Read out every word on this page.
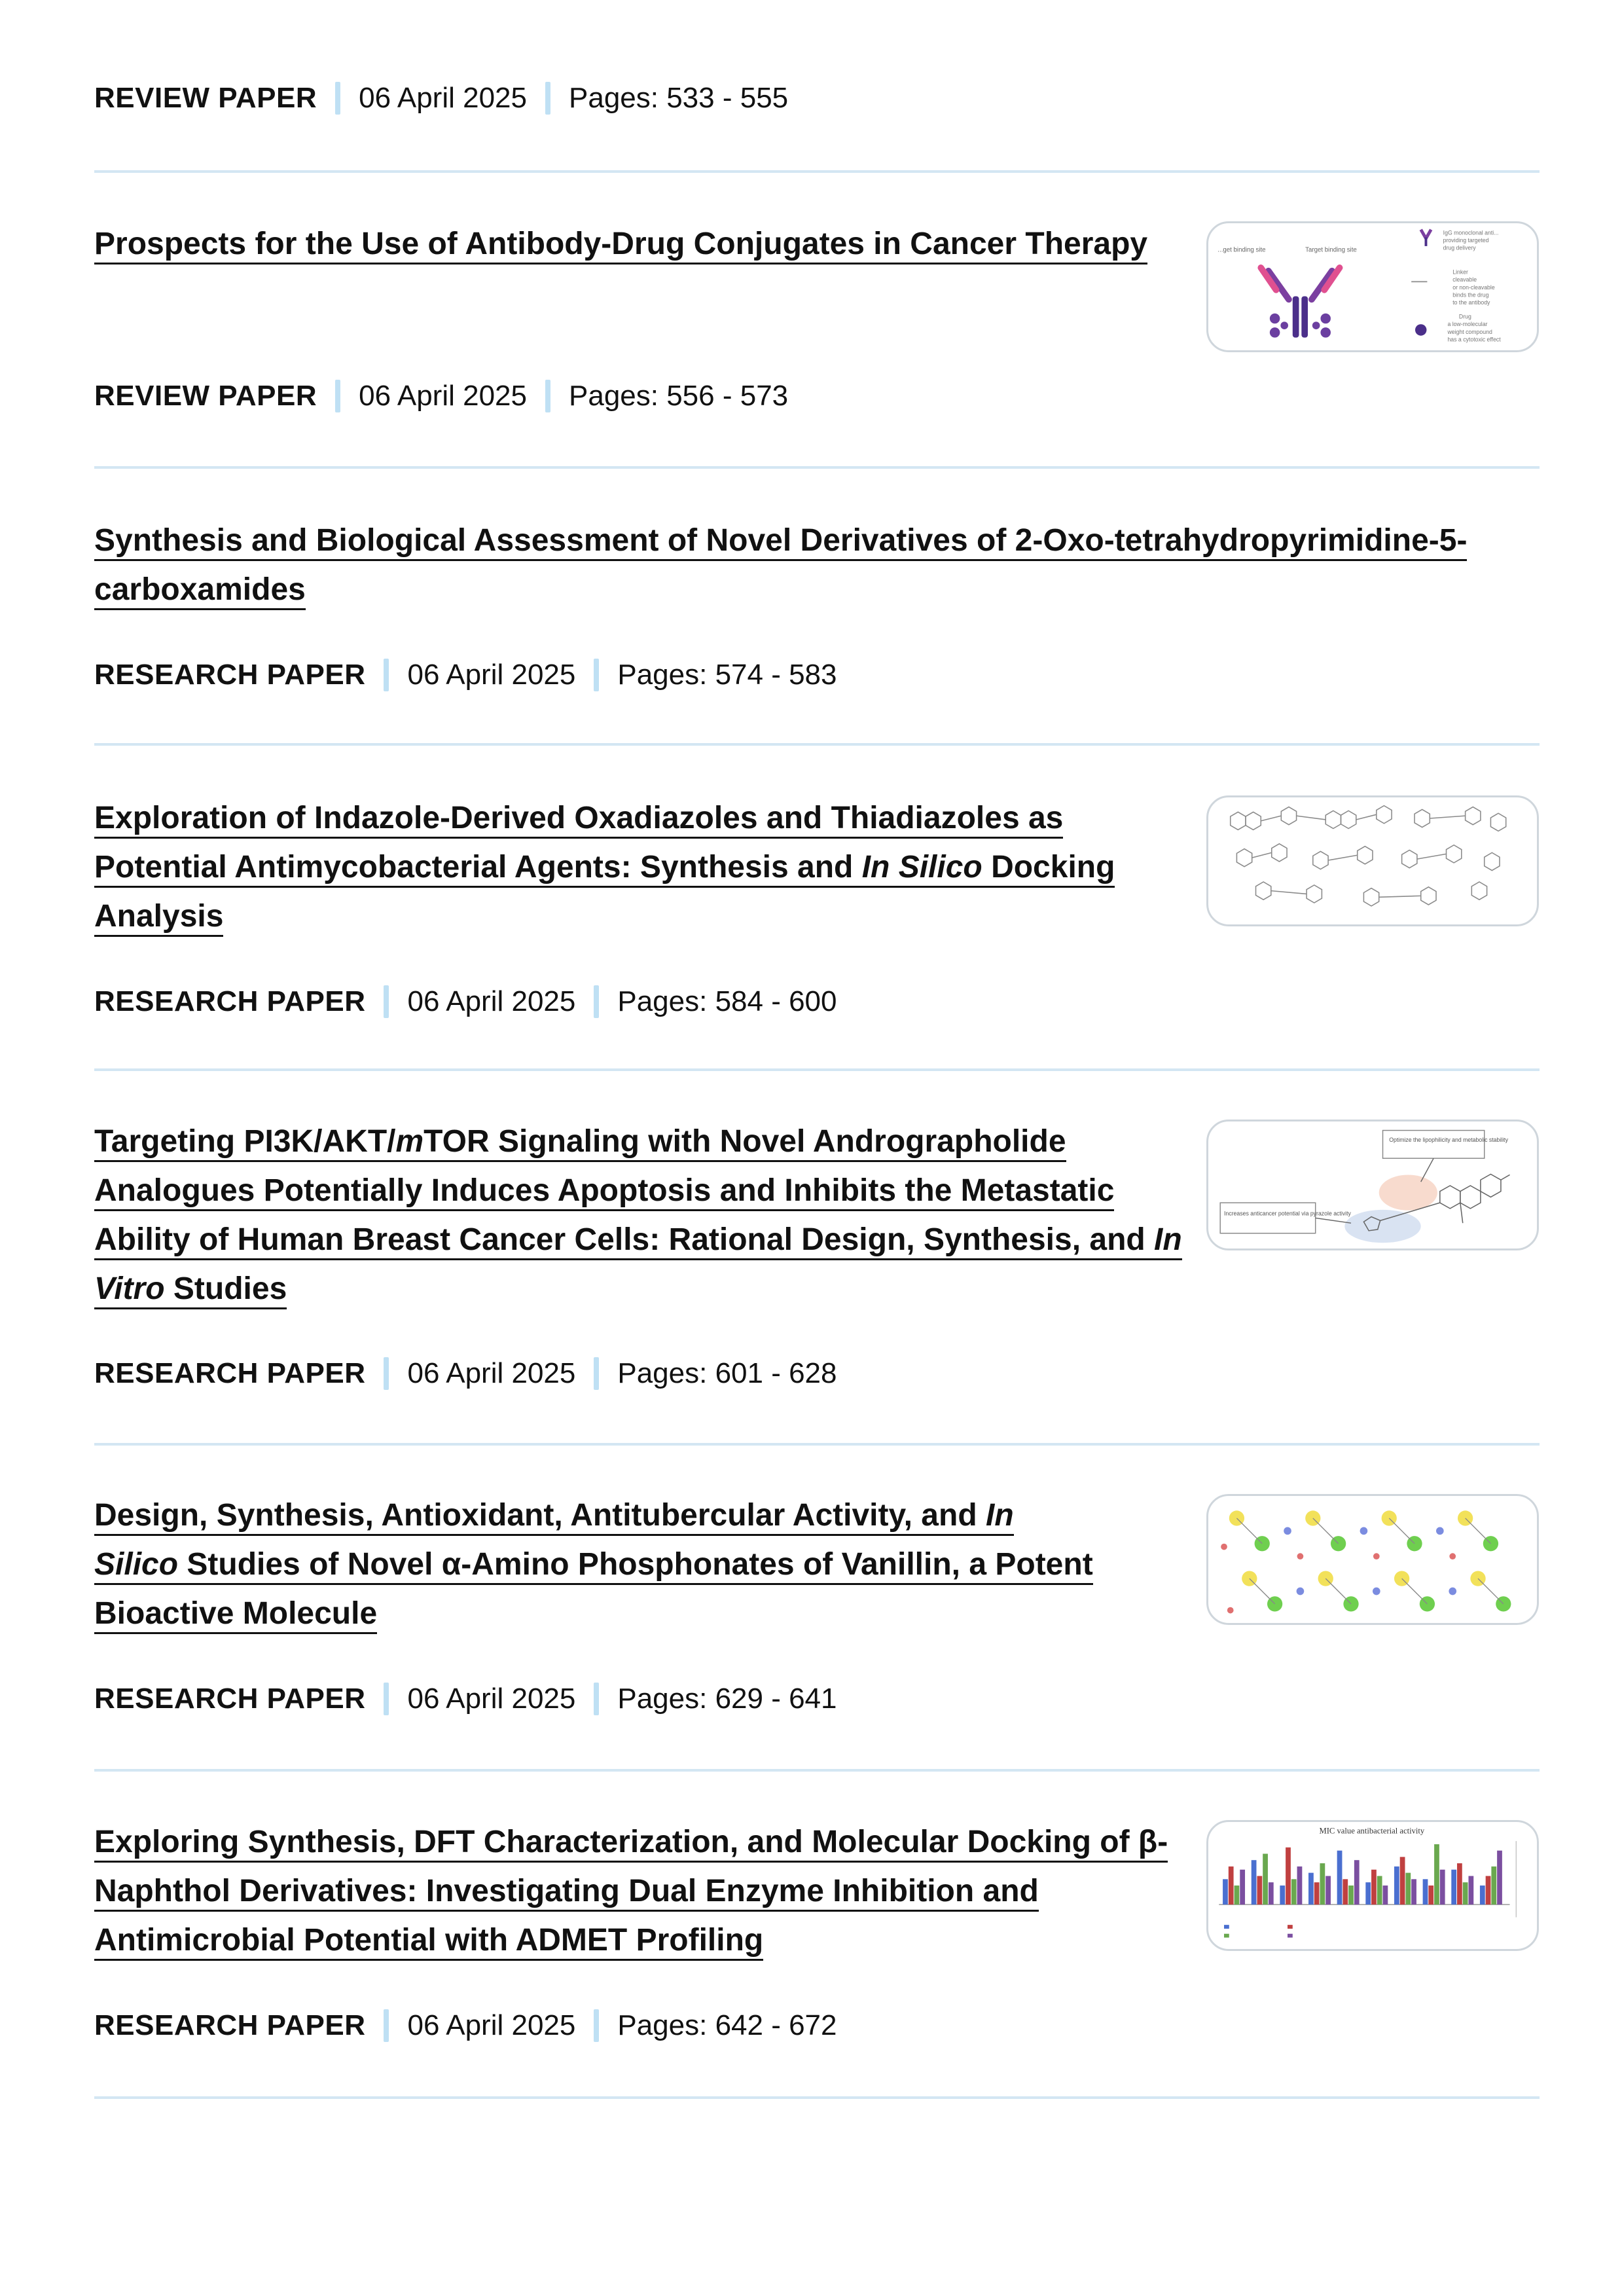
REVIEW PAPER 06 April 2025 Pages: 533 - 555
Prospects for the Use of Antibody-Drug Conjugates in Cancer Therapy
REVIEW PAPER 06 April 2025 Pages: 556 - 573
...get binding site	Target binding site
IgG monoclonal anti...
providing targeted
drug delivery
Linker
cleavable
or non-cleavable
binds the drug
to the antibody
Drug
a low-molecular
weight compound
has a cytotoxic effect
Synthesis and Biological Assessment of Novel Derivatives of 2-Oxo-tetrahydropyrimidine-5-
carboxamides
RESEARCH PAPER 06 April 2025 Pages: 574 - 583
Exploration of Indazole-Derived Oxadiazoles and Thiadiazoles as
Potential Antimycobacterial Agents: Synthesis and In Silico Docking
Analysis
RESEARCH PAPER 06 April 2025 Pages: 584 - 600
Targeting PI3K/AKT/mTOR Signaling with Novel Andrographolide
Analogues Potentially Induces Apoptosis and Inhibits the Metastatic
Ability of Human Breast Cancer Cells: Rational Design, Synthesis, and In
Vitro Studies
RESEARCH PAPER 06 April 2025 Pages: 601 - 628
Optimize the lipophilicity and metabolic stability
Increases anticancer potential via pyrazole activity
Design, Synthesis, Antioxidant, Antitubercular Activity, and In
Silico Studies of Novel α-Amino Phosphonates of Vanillin, a Potent
Bioactive Molecule
RESEARCH PAPER 06 April 2025 Pages: 629 - 641
Exploring Synthesis, DFT Characterization, and Molecular Docking of β-
Naphthol Derivatives: Investigating Dual Enzyme Inhibition and
Antimicrobial Potential with ADMET Profiling
RESEARCH PAPER 06 April 2025 Pages: 642 - 672
MIC value antibacterial activity
